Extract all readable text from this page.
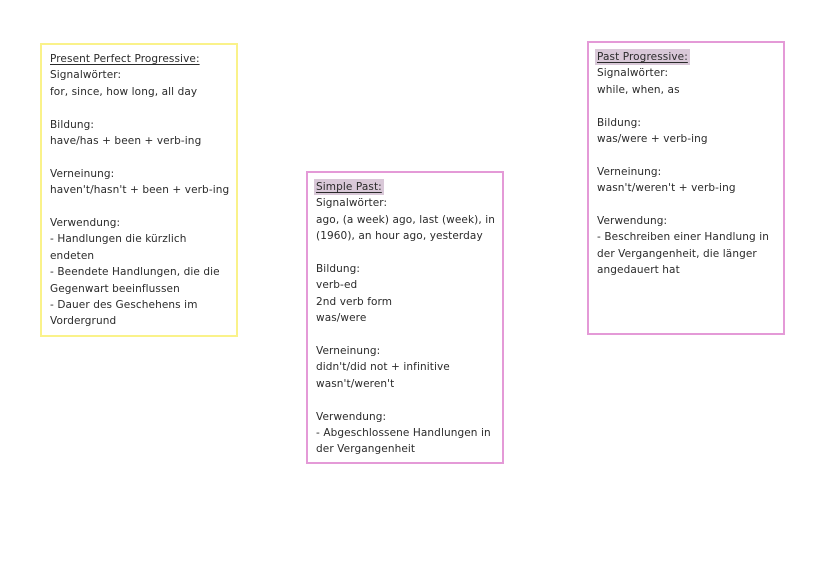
Present Perfect Progressive:
Signalwörter:
for, since, how long, all day
Bildung:
have/has + been + verb-ing
Verneinung:
haven't/hasn't + been + verb-ing
Verwendung:
- Handlungen die kürzlich
endeten
- Beendete Handlungen, die die
Gegenwart beeinflussen
- Dauer des Geschehens im
Vordergrund
Simple Past:
Signalwörter:
ago, (a week) ago, last (week), in
(1960), an hour ago, yesterday
Bildung:
verb-ed
2nd verb form
was/were
Verneinung:
didn't/did not + infinitive
wasn't/weren't
Verwendung:
- Abgeschlossene Handlungen in
der Vergangenheit
Past Progressive:
Signalwörter:
while, when, as
Bildung:
was/were + verb-ing
Verneinung:
wasn't/weren't + verb-ing
Verwendung:
- Beschreiben einer Handlung in
der Vergangenheit, die länger
angedauert hat
